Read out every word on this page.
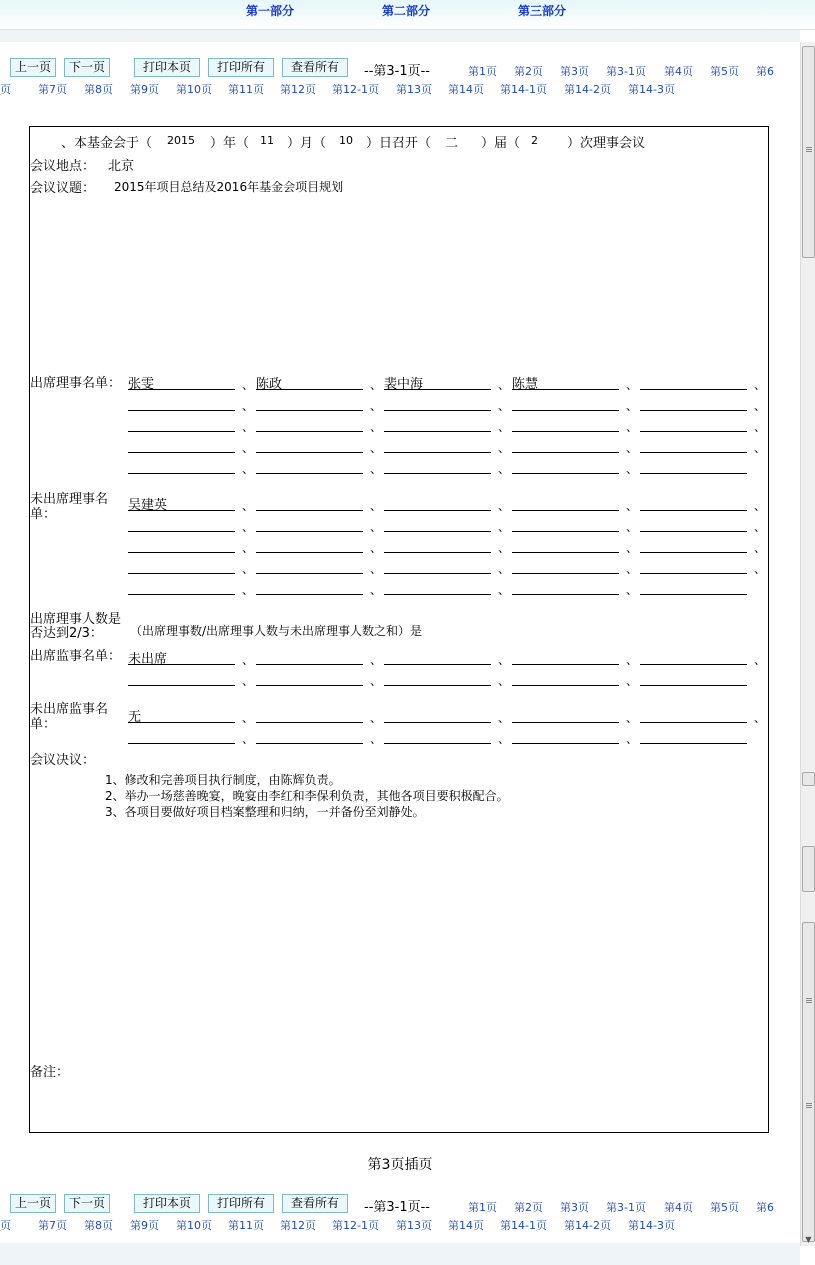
第一部分	第二部分	第三部分
上一页	下一页	打印本页	打印所有	查看所有	--第3-1页--	第1页 第2页 第3页 第3-1页 第4页 第5页 第6
第7页 第8页 第9页 第10页 第11页 第12页 第12-1页 第13页 第14页 第14-1页 第14-2页 第14-3页
页
、本基金会于（ 2015 ）年（ 11 ）月（ 10 ）日召开（ 二 ）届（ 2 ）次理事会议
会议地点： 北京
会议议题： 2015年项目总结及2016年基金会项目规划
出席理事名单： 张雯	、 陈政	、 裴中海	、 陈慧	、	、
、	、	、	、	、
、	、	、	、	、
、	、	、	、	、
、	、	、	、
未出席理事名单：
吴建英	、	、	、	、	、
、	、	、	、	、
、	、	、	、	、
、	、	、	、	、
、	、	、	、
出席理事人数是否达到2/3：	（出席理事数/出席理事人数与未出席理事人数之和）是
出席监事名单： 未出席	、	、	、	、	、
、	、	、	、
未出席监事名单：	无	、	、	、	、	、
、	、	、	、
会议决议：
1、修改和完善项目执行制度，由陈辉负责。
2、举办一场慈善晚宴，晚宴由李红和李保利负责，其他各项目要积极配合。
3、各项目要做好项目档案整理和归纳，一并备份至刘静处。
备注：
第3页插页
上一页	下一页	打印本页	打印所有	查看所有	--第3-1页--	第1页 第2页 第3页 第3-1页 第4页 第5页 第6
第7页 第8页 第9页 第10页 第11页 第12页 第12-1页 第13页 第14页 第14-1页 第14-2页 第14-3页
页
▼
